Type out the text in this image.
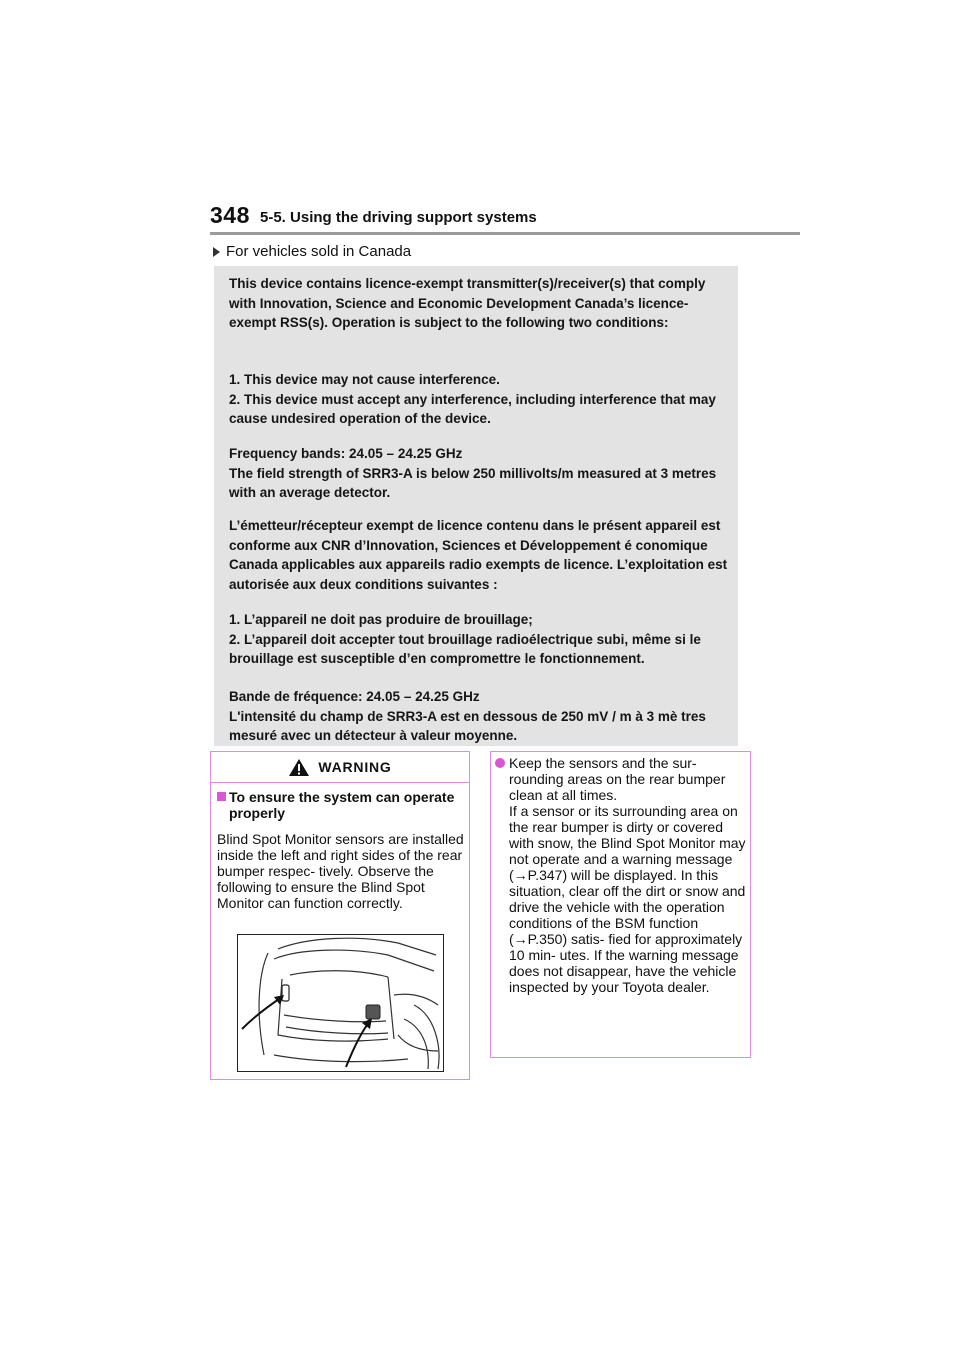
348 5-5. Using the driving support systems
For vehicles sold in Canada

This device contains licence-exempt transmitter(s)/receiver(s) that comply with Innovation, Science and Economic Development Canada’s licence-exempt RSS(s). Operation is subject to the following two conditions:

1. This device may not cause interference.
2. This device must accept any interference, including interference that may cause undesired operation of the device.

Frequency bands: 24.05 – 24.25 GHz
The field strength of SRR3-A is below 250 millivolts/m measured at 3 metres with an average detector.

L’émetteur/récepteur exempt de licence contenu dans le présent appareil est conforme aux CNR d’Innovation, Sciences et Développement é conomique Canada applicables aux appareils radio exempts de licence. L’exploitation est autorisée aux deux conditions suivantes :

1. L’appareil ne doit pas produire de brouillage;
2. L’appareil doit accepter tout brouillage radioélectrique subi, même si le brouillage est susceptible d’en compromettre le fonctionnement.

Bande de fréquence: 24.05 – 24.25 GHz
L'intensité du champ de SRR3-A est en dessous de 250 mV / m à 3 mè tres mesuré avec un détecteur à valeur moyenne.

WARNING
To ensure the system can operate properly
Blind Spot Monitor sensors are installed inside the left and right sides of the rear bumper respec- tively. Observe the following to ensure the Blind Spot Monitor can function correctly.
Keep the sensors and the sur- rounding areas on the rear bumper clean at all times.
If a sensor or its surrounding area on the rear bumper is dirty or covered with snow, the Blind Spot Monitor may not operate and a warning message (→P.347) will be displayed. In this situation, clear off the dirt or snow and drive the vehicle with the operation conditions of the BSM function (→P.350) satis- fied for approximately 10 min- utes. If the warning message does not disappear, have the vehicle inspected by your Toyota dealer.
